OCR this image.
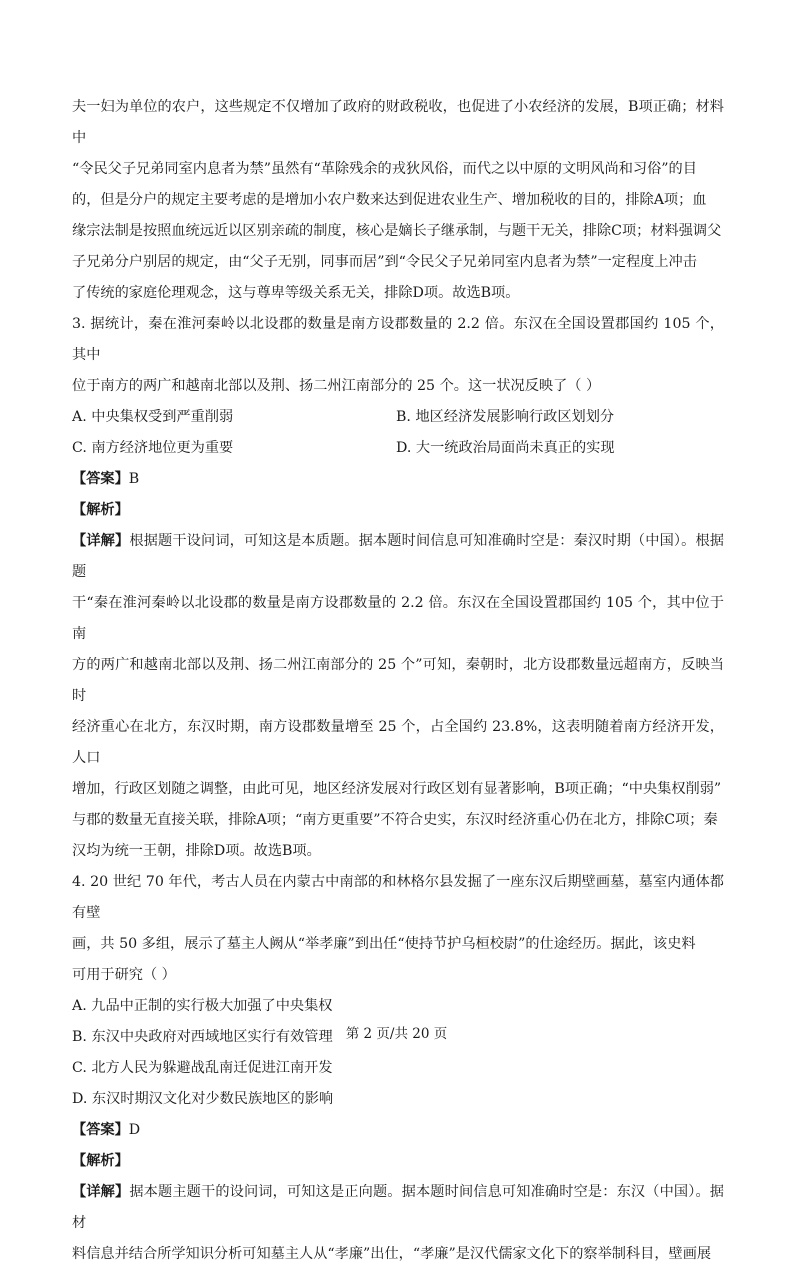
夫一妇为单位的农户，这些规定不仅增加了政府的财政税收，也促进了小农经济的发展，B项正确；材料中

“令民父子兄弟同室内息者为禁”虽然有“革除残余的戎狄风俗，而代之以中原的文明风尚和习俗”的目

的，但是分户的规定主要考虑的是增加小农户数来达到促进农业生产、增加税收的目的，排除A项；血

缘宗法制是按照血统远近以区别亲疏的制度，核心是嫡长子继承制，与题干无关，排除C项；材料强调父

子兄弟分户别居的规定，由“父子无别，同事而居”到“令民父子兄弟同室内息者为禁”一定程度上冲击

了传统的家庭伦理观念，这与尊卑等级关系无关，排除D项。故选B项。

3. 据统计，秦在淮河秦岭以北设郡的数量是南方设郡数量的 2.2 倍。东汉在全国设置郡国约 105 个，其中

位于南方的两广和越南北部以及荆、扬二州江南部分的 25 个。这一状况反映了（ ）

A. 中央集权受到严重削弱	B. 地区经济发展影响行政区划划分
C. 南方经济地位更为重要	D. 大一统政治局面尚未真正的实现

【答案】B

【解析】

【详解】根据题干设问词，可知这是本质题。据本题时间信息可知准确时空是：秦汉时期（中国）。根据题

干“秦在淮河秦岭以北设郡的数量是南方设郡数量的 2.2 倍。东汉在全国设置郡国约 105 个，其中位于南

方的两广和越南北部以及荆、扬二州江南部分的 25 个”可知，秦朝时，北方设郡数量远超南方，反映当时

经济重心在北方，东汉时期，南方设郡数量增至 25 个，占全国约 23.8%，这表明随着南方经济开发，人口

增加，行政区划随之调整，由此可见，地区经济发展对行政区划有显著影响，B项正确；“中央集权削弱”

与郡的数量无直接关联，排除A项；“南方更重要”不符合史实，东汉时经济重心仍在北方，排除C项；秦

汉均为统一王朝，排除D项。故选B项。

4. 20 世纪 70 年代，考古人员在内蒙古中南部的和林格尔县发掘了一座东汉后期壁画墓，墓室内通体都有壁

画，共 50 多组，展示了墓主人阙从“举孝廉”到出任“使持节护乌桓校尉”的仕途经历。据此，该史料

可用于研究（ ）

A. 九品中正制的实行极大加强了中央集权
B. 东汉中央政府对西域地区实行有效管理
C. 北方人民为躲避战乱南迁促进江南开发
D. 东汉时期汉文化对少数民族地区的影响

【答案】D

【解析】

【详解】据本题主题干的设问词，可知这是正向题。据本题时间信息可知准确时空是：东汉（中国）。据材

料信息并结合所学知识分析可知墓主人从“孝廉”出仕，“孝廉”是汉代儒家文化下的察举制科目，壁画展

第 2 页/共 20 页
